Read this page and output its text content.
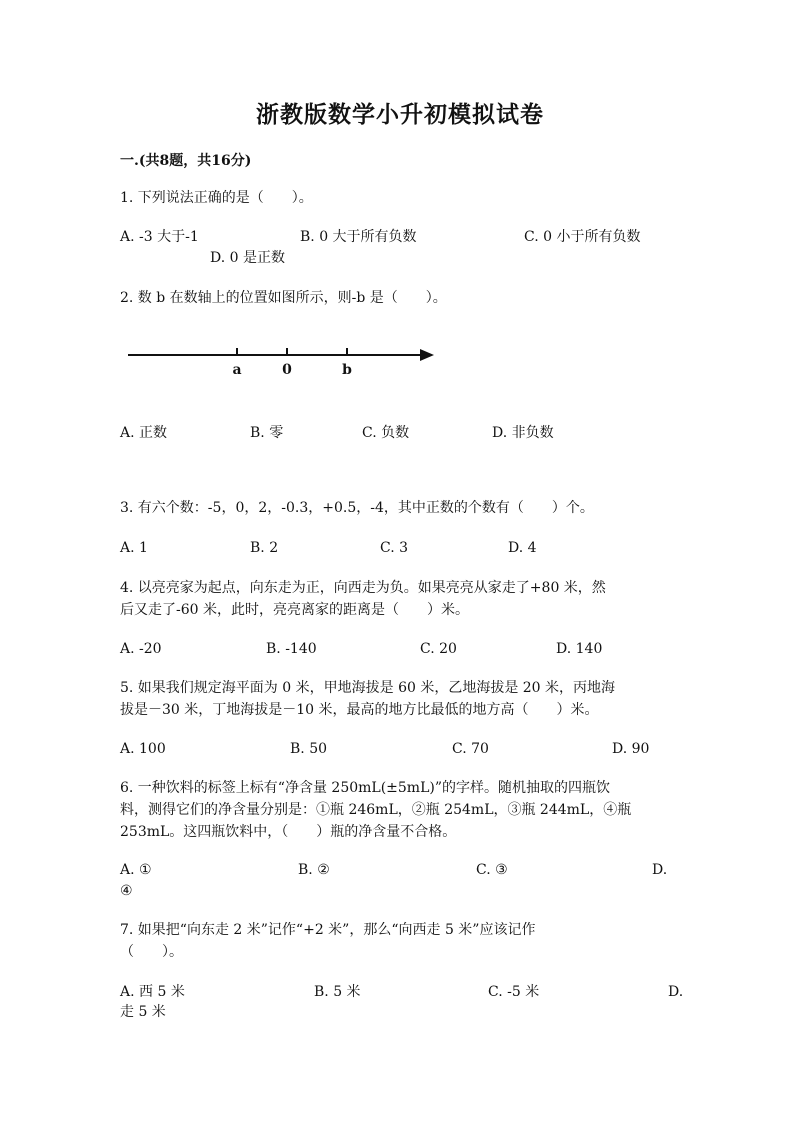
浙教版数学小升初模拟试卷
一.(共8题，共16分)
1. 下列说法正确的是（　　）。
A. -3 大于-1	B. 0 大于所有负数	C. 0 小于所有负数
D. 0 是正数
2. 数 b 在数轴上的位置如图所示，则-b 是（　　）。
a	0	b
A. 正数	B. 零	C. 负数	D. 非负数
3. 有六个数：-5，0，2，-0.3，+0.5，-4，其中正数的个数有（　　）个。
A. 1	B. 2	C. 3	D. 4
4. 以亮亮家为起点，向东走为正，向西走为负。如果亮亮从家走了+80 米，然
后又走了-60 米，此时，亮亮离家的距离是（　　）米。
A. -20	B. -140	C. 20	D. 140
5. 如果我们规定海平面为 0 米，甲地海拔是 60 米，乙地海拔是 20 米，丙地海
拔是－30 米，丁地海拔是－10 米，最高的地方比最低的地方高（　　）米。
A. 100	B. 50	C. 70	D. 90
6. 一种饮料的标签上标有“净含量 250mL(±5mL)”的字样。随机抽取的四瓶饮
料，测得它们的净含量分别是：①瓶 246mL，②瓶 254mL，③瓶 244mL，④瓶
253mL。这四瓶饮料中，（　　）瓶的净含量不合格。
A. ①	B. ②	C. ③	D.
④
7. 如果把“向东走 2 米”记作“+2 米”，那么“向西走 5 米”应该记作
（　　）。
A. 西 5 米	B. 5 米	C. -5 米	D.
走 5 米
